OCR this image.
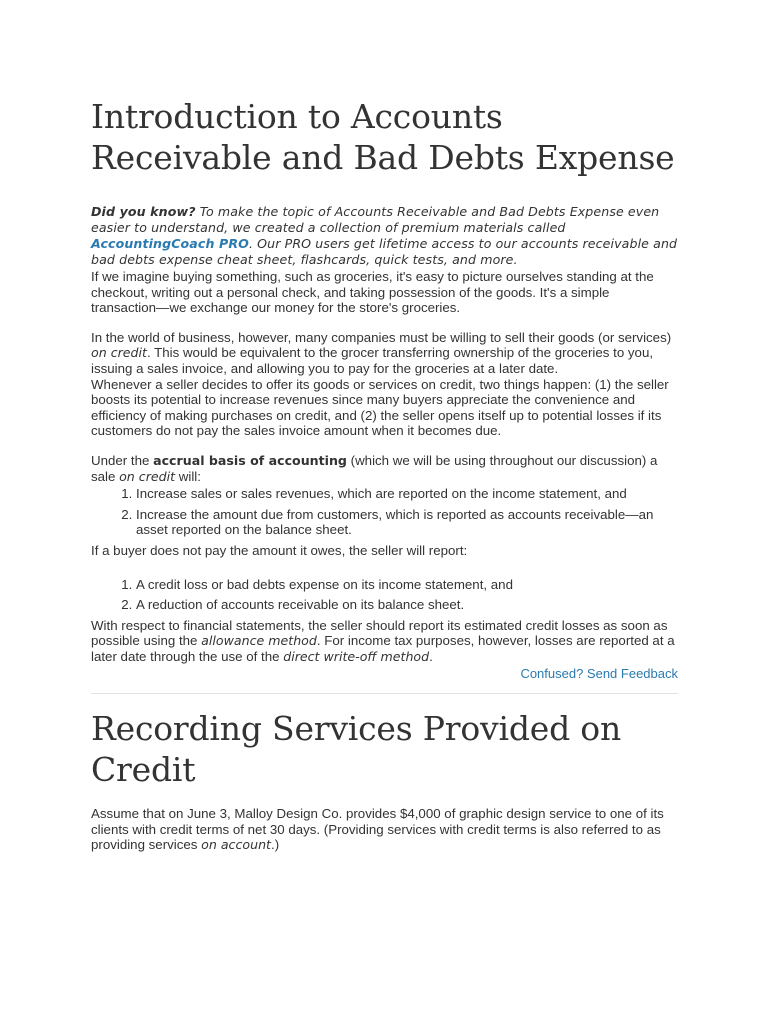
Introduction to Accounts Receivable and Bad Debts Expense
Did you know? To make the topic of Accounts Receivable and Bad Debts Expense even easier to understand, we created a collection of premium materials called AccountingCoach PRO. Our PRO users get lifetime access to our accounts receivable and bad debts expense cheat sheet, flashcards, quick tests, and more.

If we imagine buying something, such as groceries, it's easy to picture ourselves standing at the checkout, writing out a personal check, and taking possession of the goods. It's a simple transaction—we exchange our money for the store's groceries.

In the world of business, however, many companies must be willing to sell their goods (or services) on credit. This would be equivalent to the grocer transferring ownership of the groceries to you, issuing a sales invoice, and allowing you to pay for the groceries at a later date.

Whenever a seller decides to offer its goods or services on credit, two things happen: (1) the seller boosts its potential to increase revenues since many buyers appreciate the convenience and efficiency of making purchases on credit, and (2) the seller opens itself up to potential losses if its customers do not pay the sales invoice amount when it becomes due.

Under the accrual basis of accounting (which we will be using throughout our discussion) a sale on credit will:

1. Increase sales or sales revenues, which are reported on the income statement, and
2. Increase the amount due from customers, which is reported as accounts receivable—an asset reported on the balance sheet.

If a buyer does not pay the amount it owes, the seller will report:

1. A credit loss or bad debts expense on its income statement, and
2. A reduction of accounts receivable on its balance sheet.

With respect to financial statements, the seller should report its estimated credit losses as soon as possible using the allowance method. For income tax purposes, however, losses are reported at a later date through the use of the direct write-off method.

Confused? Send Feedback
Recording Services Provided on Credit

Assume that on June 3, Malloy Design Co. provides $4,000 of graphic design service to one of its clients with credit terms of net 30 days. (Providing services with credit terms is also referred to as providing services on account.)
